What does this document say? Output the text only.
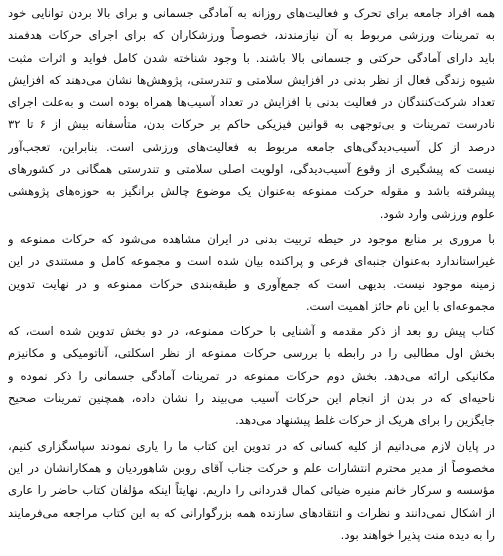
همه افراد جامعه برای تحرک و فعالیت‌های روزانه به آمادگی جسمانی و برای بالا بردن توانایی خود
به تمرینات ورزشی مربوط به آن نیازمندند، خصوصاً ورزشکاران که برای اجرای حرکات هدفمند
باید دارای آمادگی حرکتی و جسمانی بالا باشند. با وجود شناخته شدن کامل فواید و اثرات مثبت
شیوه زندگی فعال از نظر بدنی در افزایش سلامتی و تندرستی، پژوهش‌ها نشان می‌دهند که افزایش
تعداد شرکت‌کنندگان در فعالیت بدنی با افزایش در تعداد آسیب‌ها همراه بوده است و به‌علت اجرای
نادرست تمرینات و بی‌توجهی به قوانین فیزیکی حاکم بر حرکات بدن، متأسفانه بیش از ۶ تا ۳۲
درصد از کل آسیب‌دیدگی‌های جامعه مربوط به فعالیت‌های ورزشی است. بنابراین، تعجب‌آور
نیست که پیشگیری از وقوع آسیب‌دیدگی، اولویت اصلی سلامتی و تندرستی همگانی در کشورهای
پیشرفته باشد و مقوله حرکت ممنوعه به‌عنوان یک موضوع چالش برانگیز به حوزه‌های پژوهشی
علوم ورزشی وارد شود.
با مروری بر منابع موجود در حیطه تربیت بدنی در ایران مشاهده می‌شود که حرکات ممنوعه و
غیراستاندارد به‌عنوان جنبه‌ای فرعی و پراکنده بیان شده است و مجموعه کامل و مستندی در این
زمینه موجود نیست. بدیهی است که جمع‌آوری و طبقه‌بندی حرکات ممنوعه و در نهایت تدوین
مجموعه‌ای با این نام حائز اهمیت است.
کتاب پیش رو بعد از ذکر مقدمه و آشنایی با حرکات ممنوعه، در دو بخش تدوین شده است، که
بخش اول مطالبی را در رابطه با بررسی حرکات ممنوعه از نظر اسکلتی، آناتومیکی و مکانیزم
مکانیکی ارائه می‌دهد. بخش دوم حرکات ممنوعه در تمرینات آمادگی جسمانی را ذکر نموده و
ناحیه‌ای که در بدن از انجام این حرکات آسیب می‌بیند را نشان داده، همچنین تمرینات صحیح
جایگزین را برای هریک از حرکات غلط پیشنهاد می‌دهد.
در پایان لازم می‌دانیم از کلیه کسانی که در تدوین این کتاب ما را یاری نمودند سپاسگزاری کنیم،
مخصوصاً از مدیر محترم انتشارات علم و حرکت جناب آقای روبن شاهوردیان و همکارانشان در این
مؤسسه و سرکار خانم منیره ضیائی کمال قدردانی را داریم. نهایتاً اینکه مؤلفان کتاب حاضر را عاری
از اشکال نمی‌دانند و نظرات و انتقادهای سازنده همه بزرگوارانی که به این کتاب مراجعه می‌فرمایند
را به دیده منت پذیرا خواهند بود.
